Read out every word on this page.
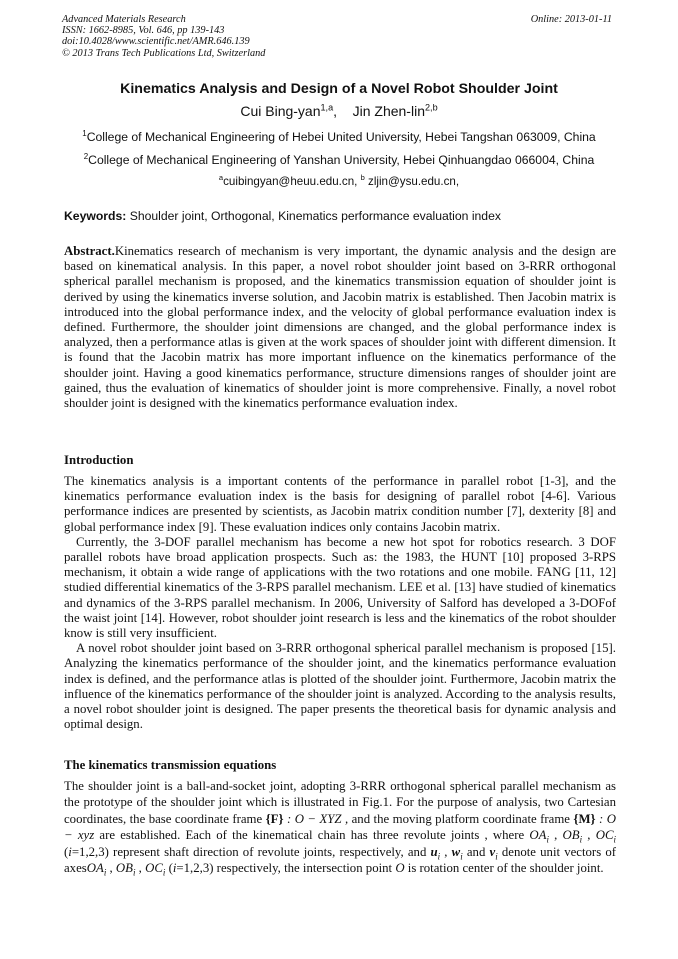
Advanced Materials Research
ISSN: 1662-8985, Vol. 646, pp 139-143
doi:10.4028/www.scientific.net/AMR.646.139
© 2013 Trans Tech Publications Ltd, Switzerland
Online: 2013-01-11
Kinematics Analysis and Design of a Novel Robot Shoulder Joint
Cui Bing-yan$^{1,a}$,    Jin Zhen-lin$^{2,b}$
$^1$College of Mechanical Engineering of Hebei United University, Hebei Tangshan 063009, China
$^2$College of Mechanical Engineering of Yanshan University, Hebei Qinhuangdao 066004, China
$^a$cuibingyan@heuu.edu.cn, $^b$ zljin@ysu.edu.cn,
Keywords: Shoulder joint, Orthogonal, Kinematics performance evaluation index

Abstract.Kinematics research of mechanism is very important, the dynamic analysis and the design are based on kinematical analysis. In this paper, a novel robot shoulder joint based on 3-RRR orthogonal spherical parallel mechanism is proposed, and the kinematics transmission equation of shoulder joint is derived by using the kinematics inverse solution, and Jacobin matrix is established. Then Jacobin matrix is introduced into the global performance index, and the velocity of global performance evaluation index is defined. Furthermore, the shoulder joint dimensions are changed, and the global performance index is analyzed, then a performance atlas is given at the work spaces of shoulder joint with different dimension. It is found that the Jacobin matrix has more important influence on the kinematics performance of the shoulder joint. Having a good kinematics performance, structure dimensions ranges of shoulder joint are gained, thus the evaluation of kinematics of shoulder joint is more comprehensive. Finally, a novel robot shoulder joint is designed with the kinematics performance evaluation index.

Introduction

The kinematics analysis is a important contents of the performance in parallel robot [1-3], and the kinematics performance evaluation index is the basis for designing of parallel robot [4-6]. Various performance indices are presented by scientists, as Jacobin matrix condition number [7], dexterity [8] and global performance index [9]. These evaluation indices only contains Jacobin matrix.

Currently, the 3-DOF parallel mechanism has become a new hot spot for robotics research. 3 DOF parallel robots have broad application prospects. Such as: the 1983, the HUNT [10] proposed 3-RPS mechanism, it obtain a wide range of applications with the two rotations and one mobile. FANG [11, 12] studied differential kinematics of the 3-RPS parallel mechanism. LEE et al. [13] have studied of kinematics and dynamics of the 3-RPS parallel mechanism. In 2006, University of Salford has developed a 3-DOFof the waist joint [14]. However, robot shoulder joint research is less and the kinematics of the robot shoulder know is still very insufficient.

A novel robot shoulder joint based on 3-RRR orthogonal spherical parallel mechanism is proposed [15]. Analyzing the kinematics performance of the shoulder joint, and the kinematics performance evaluation index is defined, and the performance atlas is plotted of the shoulder joint. Furthermore, Jacobin matrix the influence of the kinematics performance of the shoulder joint is analyzed. According to the analysis results, a novel robot shoulder joint is designed. The paper presents the theoretical basis for dynamic analysis and optimal design.

The kinematics transmission equations

The shoulder joint is a ball-and-socket joint, adopting 3-RRR orthogonal spherical parallel mechanism as the prototype of the shoulder joint which is illustrated in Fig.1. For the purpose of analysis, two Cartesian coordinates, the base coordinate frame {F} : O − XYZ , and the moving platform coordinate frame {M} : O − xyz are established. Each of the kinematical chain has three revolute joints , where $OA_i$ , $OB_i$ , $OC_i$ (i=1,2,3) represent shaft direction of revolute joints, respectively, and $u_i$ , $w_i$ and $v_i$ denote unit vectors of axesOA$_i$ , $OB_i$ , $OC_i$ (i=1,2,3) respectively, the intersection point O is rotation center of the shoulder joint.
